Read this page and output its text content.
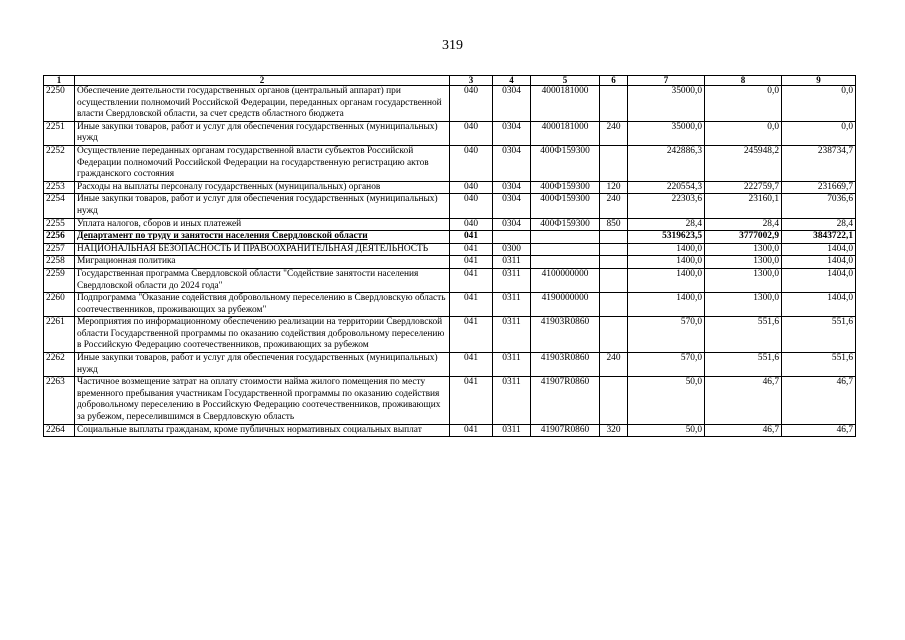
319
1	2	3	4	5	6	7	8	9
2250	Обеспечение деятельности государственных органов (центральный аппарат) при осуществлении полномочий Российской Федерации, переданных органам государственной власти Свердловской области, за счет средств областного бюджета	040	0304	4000181000		35000,0	0,0	0,0
2251	Иные закупки товаров, работ и услуг для обеспечения государственных (муниципальных) нужд	040	0304	4000181000	240	35000,0	0,0	0,0
2252	Осуществление переданных органам государственной власти субъектов Российской Федерации полномочий Российской Федерации на государственную регистрацию актов гражданского состояния	040	0304	400Ф159300		242886,3	245948,2	238734,7
2253	Расходы на выплаты персоналу государственных (муниципальных) органов	040	0304	400Ф159300	120	220554,3	222759,7	231669,7
2254	Иные закупки товаров, работ и услуг для обеспечения государственных (муниципальных) нужд	040	0304	400Ф159300	240	22303,6	23160,1	7036,6
2255	Уплата налогов, сборов и иных платежей	040	0304	400Ф159300	850	28,4	28,4	28,4
2256	Департамент по труду и занятости населения Свердловской области	041				5319623,5	3777002,9	3843722,1
2257	НАЦИОНАЛЬНАЯ БЕЗОПАСНОСТЬ И ПРАВООХРАНИТЕЛЬНАЯ ДЕЯТЕЛЬНОСТЬ	041	0300			1400,0	1300,0	1404,0
2258	Миграционная политика	041	0311			1400,0	1300,0	1404,0
2259	Государственная программа Свердловской области "Содействие занятости населения Свердловской области до 2024 года"	041	0311	4100000000		1400,0	1300,0	1404,0
2260	Подпрограмма "Оказание содействия добровольному переселению в Свердловскую область соотечественников, проживающих за рубежом"	041	0311	4190000000		1400,0	1300,0	1404,0
2261	Мероприятия по информационному обеспечению реализации на территории Свердловской области Государственной программы по оказанию содействия добровольному переселению в Российскую Федерацию соотечественников, проживающих за рубежом	041	0311	41903R0860		570,0	551,6	551,6
2262	Иные закупки товаров, работ и услуг для обеспечения государственных (муниципальных) нужд	041	0311	41903R0860	240	570,0	551,6	551,6
2263	Частичное возмещение затрат на оплату стоимости найма жилого помещения по месту временного пребывания участникам Государственной программы по оказанию содействия добровольному переселению в Российскую Федерацию соотечественников, проживающих за рубежом, переселившимся в Свердловскую область	041	0311	41907R0860		50,0	46,7	46,7
2264	Социальные выплаты гражданам, кроме публичных нормативных социальных выплат	041	0311	41907R0860	320	50,0	46,7	46,7
